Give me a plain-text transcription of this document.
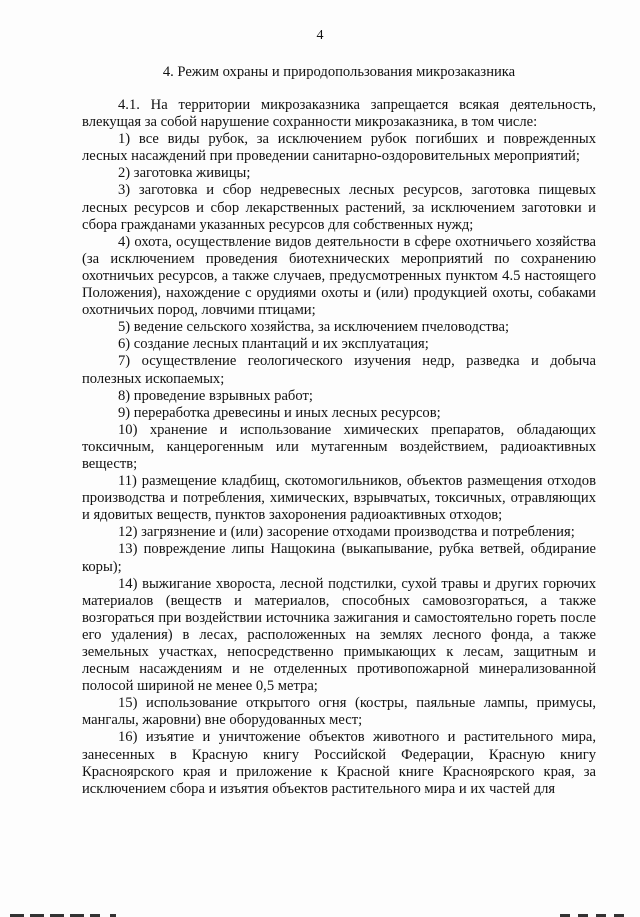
4
4. Режим охраны и природопользования микрозаказника

4.1. На территории микрозаказника запрещается всякая деятельность, влекущая за собой нарушение сохранности микрозаказника, в том числе:

1) все виды рубок, за исключением рубок погибших и поврежденных лесных насаждений при проведении санитарно-оздоровительных мероприятий;

2) заготовка живицы;

3) заготовка и сбор недревесных лесных ресурсов, заготовка пищевых лесных ресурсов и сбор лекарственных растений, за исключением заготовки и сбора гражданами указанных ресурсов для собственных нужд;

4) охота, осуществление видов деятельности в сфере охотничьего хозяйства (за исключением проведения биотехнических мероприятий по сохранению охотничьих ресурсов, а также случаев, предусмотренных пунктом 4.5 настоящего Положения), нахождение с орудиями охоты и (или) продукцией охоты, собаками охотничьих пород, ловчими птицами;

5) ведение сельского хозяйства, за исключением пчеловодства;

6) создание лесных плантаций и их эксплуатация;

7) осуществление геологического изучения недр, разведка и добыча полезных ископаемых;

8) проведение взрывных работ;

9) переработка древесины и иных лесных ресурсов;

10) хранение и использование химических препаратов, обладающих токсичным, канцерогенным или мутагенным воздействием, радиоактивных веществ;

11) размещение кладбищ, скотомогильников, объектов размещения отходов производства и потребления, химических, взрывчатых, токсичных, отравляющих и ядовитых веществ, пунктов захоронения радиоактивных отходов;

12) загрязнение и (или) засорение отходами производства и потребления;

13) повреждение липы Нащокина (выкапывание, рубка ветвей, обдирание коры);

14) выжигание хвороста, лесной подстилки, сухой травы и других горючих материалов (веществ и материалов, способных самовозгораться, а также возгораться при воздействии источника зажигания и самостоятельно гореть после его удаления) в лесах, расположенных на землях лесного фонда, а также земельных участках, непосредственно примыкающих к лесам, защитным и лесным насаждениям и не отделенных противопожарной минерализованной полосой шириной не менее 0,5 метра;

15) использование открытого огня (костры, паяльные лампы, примусы, мангалы, жаровни) вне оборудованных мест;

16) изъятие и уничтожение объектов животного и растительного мира, занесенных в Красную книгу Российской Федерации, Красную книгу Красноярского края и приложение к Красной книге Красноярского края, за исключением сбора и изъятия объектов растительного мира и их частей для
